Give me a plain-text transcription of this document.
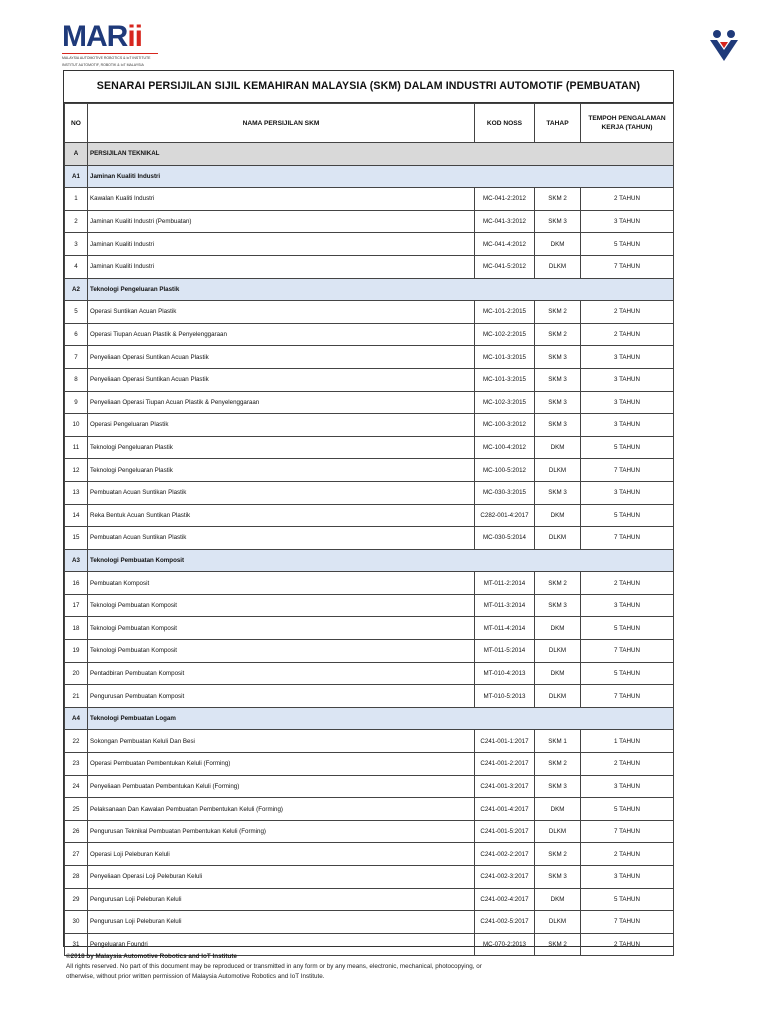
MARii
MALAYSIA AUTOMOTIVE ROBOTICS & IoT INSTITUTE
INSTITUT AUTOMOTIF, ROBOTIK & IoT MALAYSIA
SENARAI PERSIJILAN SIJIL KEMAHIRAN MALAYSIA (SKM) DALAM INDUSTRI AUTOMOTIF (PEMBUATAN)
NO	NAMA PERSIJILAN SKM	KOD NOSS	TAHAP	TEMPOH PENGALAMAN KERJA (TAHUN)
A	PERSIJILAN TEKNIKAL			
A1	Jaminan Kualiti Industri			
1	Kawalan Kualiti Industri	MC-041-2:2012	SKM 2	2 TAHUN
2	Jaminan Kualiti Industri (Pembuatan)	MC-041-3:2012	SKM 3	3 TAHUN
3	Jaminan Kualiti Industri	MC-041-4:2012	DKM	5 TAHUN
4	Jaminan Kualiti Industri	MC-041-5:2012	DLKM	7 TAHUN
A2	Teknologi Pengeluaran Plastik			
5	Operasi Suntikan Acuan Plastik	MC-101-2:2015	SKM 2	2 TAHUN
6	Operasi Tiupan Acuan Plastik & Penyelenggaraan	MC-102-2:2015	SKM 2	2 TAHUN
7	Penyeliaan Operasi Suntikan Acuan Plastik	MC-101-3:2015	SKM 3	3 TAHUN
8	Penyeliaan Operasi Suntikan Acuan Plastik	MC-101-3:2015	SKM 3	3 TAHUN
9	Penyeliaan Operasi Tiupan Acuan Plastik & Penyelenggaraan	MC-102-3:2015	SKM 3	3 TAHUN
10	Operasi Pengeluaran Plastik	MC-100-3:2012	SKM 3	3 TAHUN
11	Teknologi Pengeluaran Plastik	MC-100-4:2012	DKM	5 TAHUN
12	Teknologi Pengeluaran Plastik	MC-100-5:2012	DLKM	7 TAHUN
13	Pembuatan Acuan Suntikan Plastik	MC-030-3:2015	SKM 3	3 TAHUN
14	Reka Bentuk Acuan Suntikan Plastik	C282-001-4:2017	DKM	5 TAHUN
15	Pembuatan Acuan Suntikan Plastik	MC-030-5:2014	DLKM	7 TAHUN
A3	Teknologi Pembuatan Komposit			
16	Pembuatan Komposit	MT-011-2:2014	SKM 2	2 TAHUN
17	Teknologi Pembuatan Komposit	MT-011-3:2014	SKM 3	3 TAHUN
18	Teknologi Pembuatan Komposit	MT-011-4:2014	DKM	5 TAHUN
19	Teknologi Pembuatan Komposit	MT-011-5:2014	DLKM	7 TAHUN
20	Pentadbiran Pembuatan Komposit	MT-010-4:2013	DKM	5 TAHUN
21	Pengurusan Pembuatan Komposit	MT-010-5:2013	DLKM	7 TAHUN
A4	Teknologi Pembuatan Logam			
22	Sokongan Pembuatan Keluli Dan Besi	C241-001-1:2017	SKM 1	1 TAHUN
23	Operasi Pembuatan Pembentukan Keluli (Forming)	C241-001-2:2017	SKM 2	2 TAHUN
24	Penyeliaan Pembuatan Pembentukan Keluli (Forming)	C241-001-3:2017	SKM 3	3 TAHUN
25	Pelaksanaan Dan Kawalan Pembuatan Pembentukan Keluli (Forming)	C241-001-4:2017	DKM	5 TAHUN
26	Pengurusan Teknikal Pembuatan Pembentukan Keluli (Forming)	C241-001-5:2017	DLKM	7 TAHUN
27	Operasi Loji Peleburan Keluli	C241-002-2:2017	SKM 2	2 TAHUN
28	Penyeliaan Operasi Loji Peleburan Keluli	C241-002-3:2017	SKM 3	3 TAHUN
29	Pengurusan Loji Peleburan Keluli	C241-002-4:2017	DKM	5 TAHUN
30	Pengurusan Loji Peleburan Keluli	C241-002-5:2017	DLKM	7 TAHUN
31	Pengeluaran Foundri	MC-070-2:2013	SKM 2	2 TAHUN
©2018 by Malaysia Automotive Robotics and IoT Institute
All rights reserved. No part of this document may be reproduced or transmitted in any form or by any means, electronic, mechanical, photocopying, or
otherwise, without prior written permission of Malaysia Automotive Robotics and IoT Institute.
